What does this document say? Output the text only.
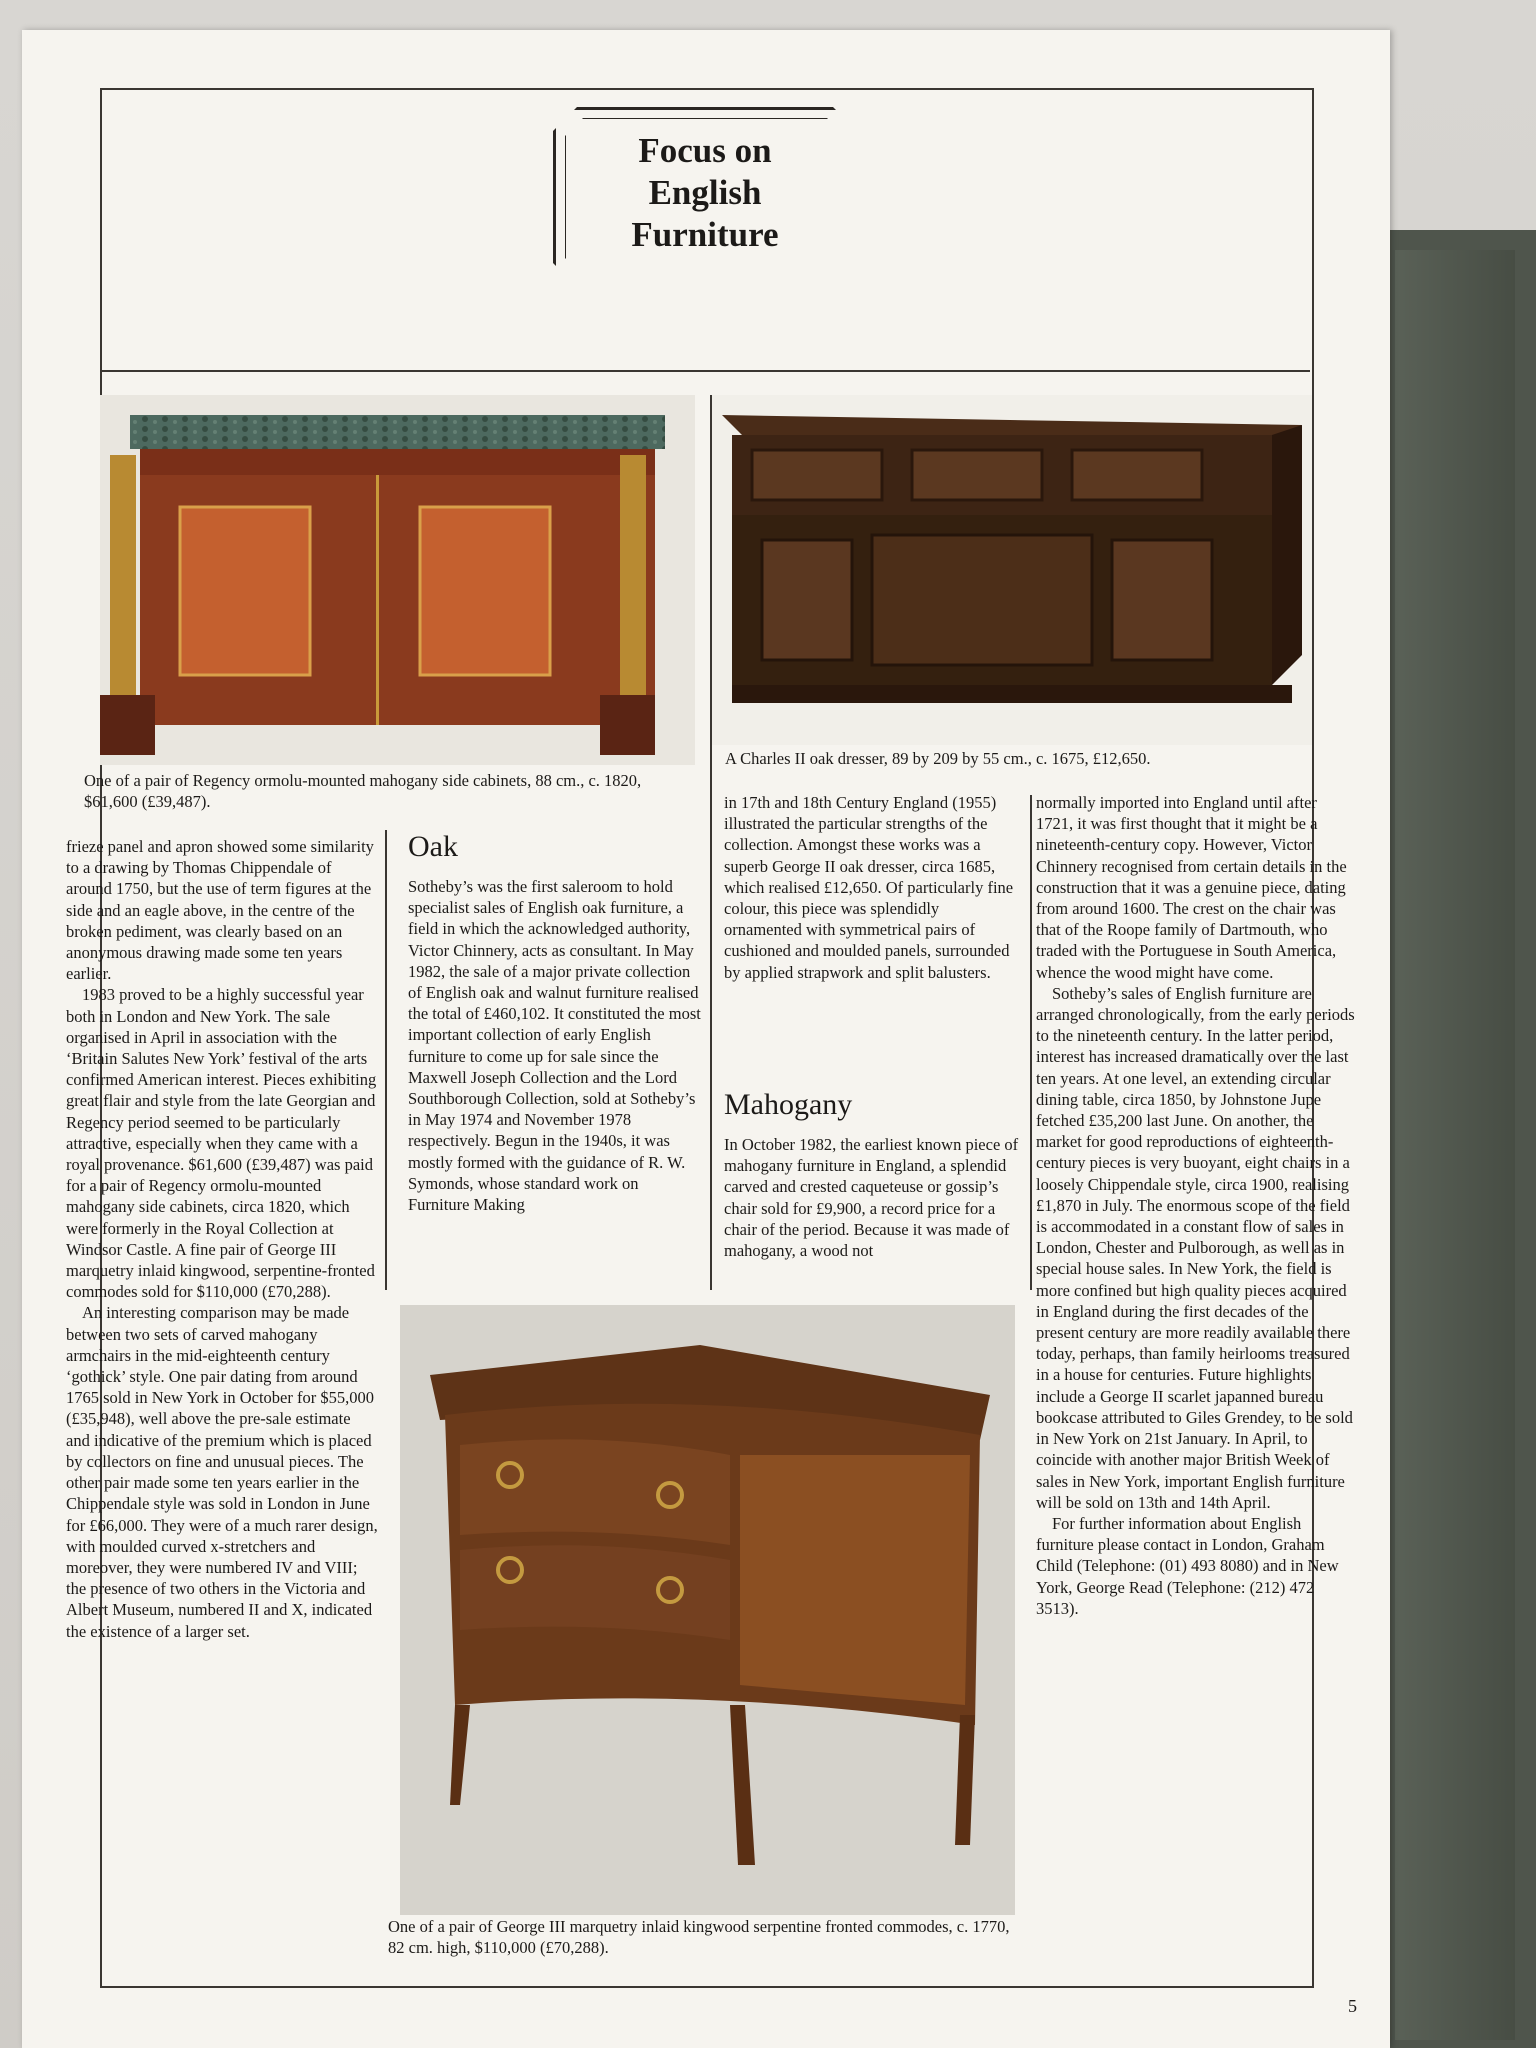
Focus on
English
Furniture
One of a pair of Regency ormolu-mounted mahogany side cabinets, 88 cm., c. 1820, $61,600 (£39,487).
A Charles II oak dresser, 89 by 209 by 55 cm., c. 1675, £12,650.

frieze panel and apron showed some similarity to a drawing by Thomas Chippendale of around 1750, but the use of term figures at the side and an eagle above, in the centre of the broken pediment, was clearly based on an anonymous drawing made some ten years earlier.

1983 proved to be a highly successful year both in London and New York. The sale organised in April in association with the ‘Britain Salutes New York’ festival of the arts confirmed American interest. Pieces exhibiting great flair and style from the late Georgian and Regency period seemed to be particularly attractive, especially when they came with a royal provenance. $61,600 (£39,487) was paid for a pair of Regency ormolu-mounted mahogany side cabinets, circa 1820, which were formerly in the Royal Collection at Windsor Castle. A fine pair of George III marquetry inlaid kingwood, serpentine-fronted commodes sold for $110,000 (£70,288).

An interesting comparison may be made between two sets of carved mahogany armchairs in the mid-eighteenth century ‘gothick’ style. One pair dating from around 1765 sold in New York in October for $55,000 (£35,948), well above the pre-sale estimate and indicative of the premium which is placed by collectors on fine and unusual pieces. The other pair made some ten years earlier in the Chippendale style was sold in London in June for £66,000. They were of a much rarer design, with moulded curved x-stretchers and moreover, they were numbered IV and VIII; the presence of two others in the Victoria and Albert Museum, numbered II and X, indicated the existence of a larger set.

Oak
Sotheby’s was the first saleroom to hold specialist sales of English oak furniture, a field in which the acknowledged authority, Victor Chinnery, acts as consultant. In May 1982, the sale of a major private collection of English oak and walnut furniture realised the total of £460,102. It constituted the most important collection of early English furniture to come up for sale since the Maxwell Joseph Collection and the Lord Southborough Collection, sold at Sotheby’s in May 1974 and November 1978 respectively. Begun in the 1940s, it was mostly formed with the guidance of R. W. Symonds, whose standard work on Furniture Making
in 17th and 18th Century England (1955) illustrated the particular strengths of the collection. Amongst these works was a superb George II oak dresser, circa 1685, which realised £12,650. Of particularly fine colour, this piece was splendidly ornamented with symmetrical pairs of cushioned and moulded panels, surrounded by applied strapwork and split balusters.
Mahogany
In October 1982, the earliest known piece of mahogany furniture in England, a splendid carved and crested caqueteuse or gossip’s chair sold for £9,900, a record price for a chair of the period. Because it was made of mahogany, a wood not

normally imported into England until after 1721, it was first thought that it might be a nineteenth-century copy. However, Victor Chinnery recognised from certain details in the construction that it was a genuine piece, dating from around 1600. The crest on the chair was that of the Roope family of Dartmouth, who traded with the Portuguese in South America, whence the wood might have come.

Sotheby’s sales of English furniture are arranged chronologically, from the early periods to the nineteenth century. In the latter period, interest has increased dramatically over the last ten years. At one level, an extending circular dining table, circa 1850, by Johnstone Jupe fetched £35,200 last June. On another, the market for good reproductions of eighteenth-century pieces is very buoyant, eight chairs in a loosely Chippendale style, circa 1900, realising £1,870 in July. The enormous scope of the field is accommodated in a constant flow of sales in London, Chester and Pulborough, as well as in special house sales. In New York, the field is more confined but high quality pieces acquired in England during the first decades of the present century are more readily available there today, perhaps, than family heirlooms treasured in a house for centuries. Future highlights include a George II scarlet japanned bureau bookcase attributed to Giles Grendey, to be sold in New York on 21st January. In April, to coincide with another major British Week of sales in New York, important English furniture will be sold on 13th and 14th April.

For further information about English furniture please contact in London, Graham Child (Telephone: (01) 493 8080) and in New York, George Read (Telephone: (212) 472 3513).

One of a pair of George III marquetry inlaid kingwood serpentine fronted commodes, c. 1770, 82 cm. high, $110,000 (£70,288).
5
